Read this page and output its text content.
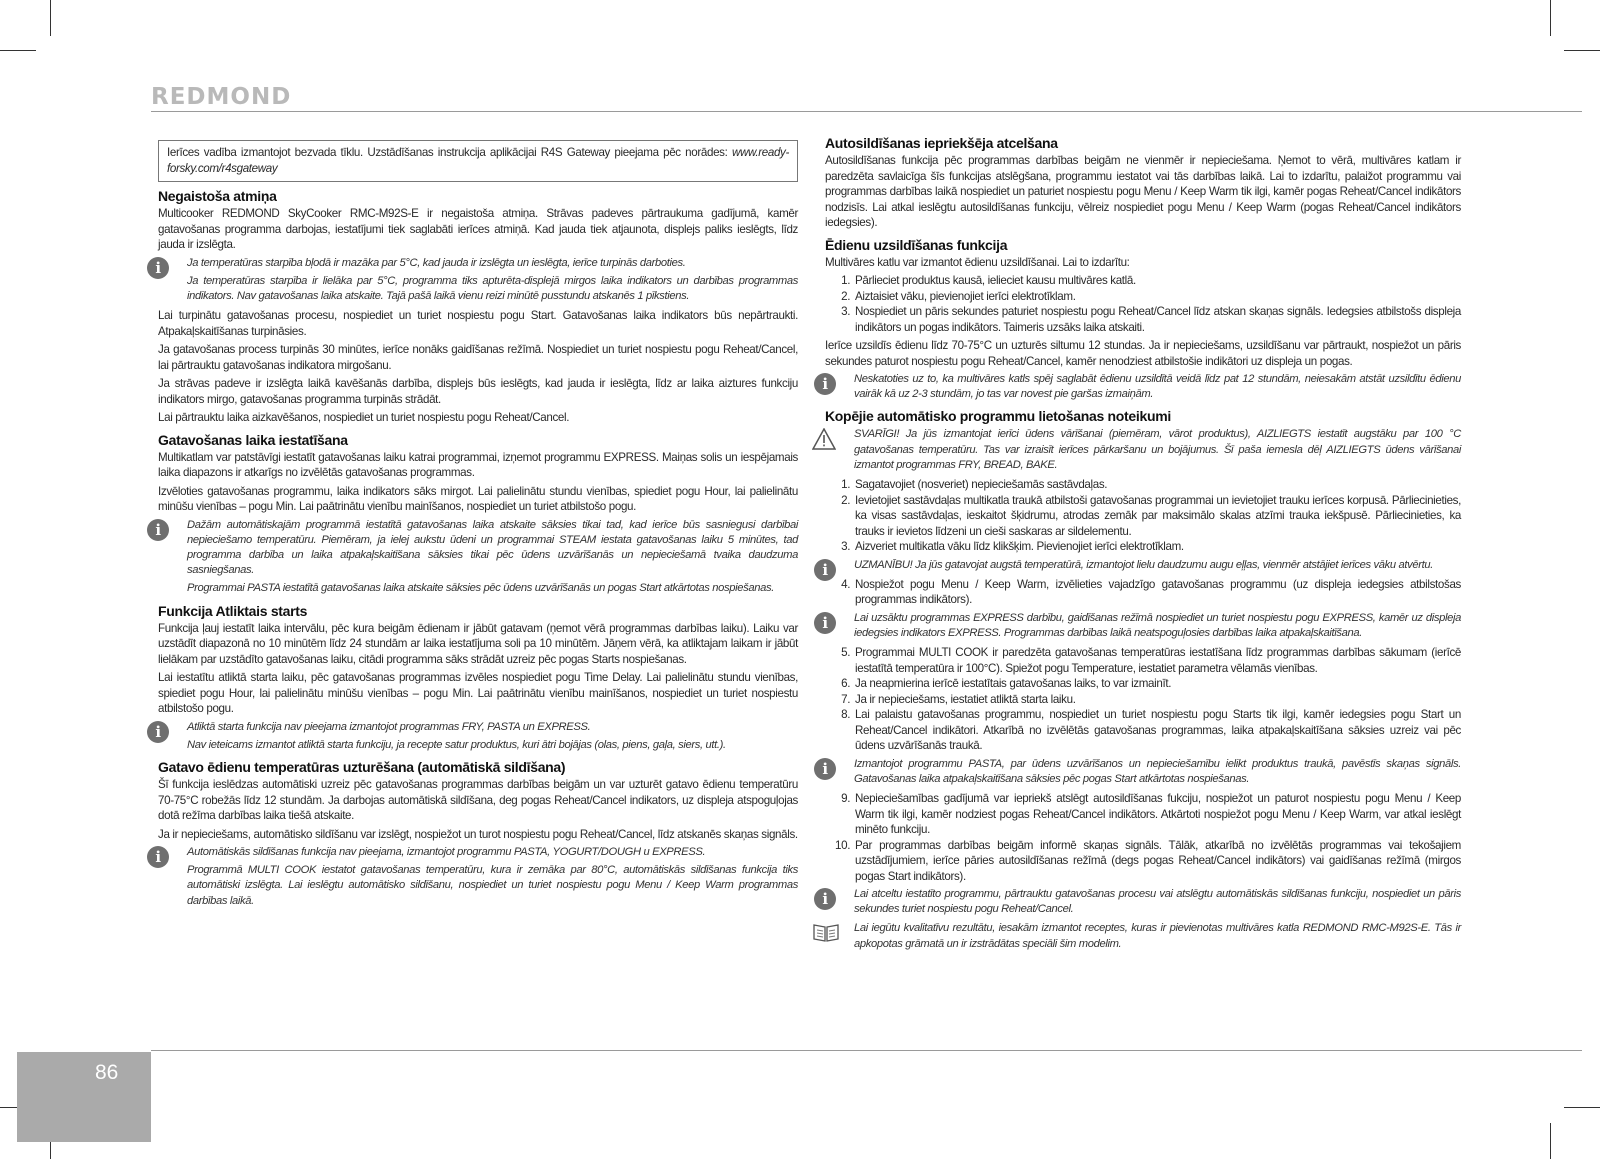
REDMOND
Ierīces vadība izmantojot bezvada tīklu. Uzstādīšanas instrukcija aplikācijai R4S Gateway pieejama pēc norādes: www.ready-forsky.com/r4sgateway
Negaistoša atmiņa

Multicooker REDMOND SkyCooker RMC-M92S-E ir negaistoša atmiņa. Strāvas padeves pārtraukuma gadījumā, kamēr gatavošanas programma darbojas, iestatījumi tiek saglabāti ierīces atmiņā. Kad jauda tiek atjaunota, displejs paliks ieslēgts, līdz jauda ir izslēgta.

i	Ja temperatūras starpība bļodā ir mazāka par 5°C, kad jauda ir izslēgta un ieslēgta, ierīce turpinās darboties.

Ja temperatūras starpība ir lielāka par 5°C, programma tiks apturēta-displejā mirgos laika indikators un darbības programmas indikators. Nav gatavošanas laika atskaite. Tajā pašā laikā vienu reizi minūtē pusstundu atskanēs 1 pīkstiens.

Lai turpinātu gatavošanas procesu, nospiediet un turiet nospiestu pogu Start. Gatavošanas laika indikators būs nepārtraukti. Atpakaļskaitīšanas turpināsies.

Ja gatavošanas process turpinās 30 minūtes, ierīce nonāks gaidīšanas režīmā. Nospiediet un turiet nospiestu pogu Reheat/Cancel, lai pārtrauktu gatavošanas indikatora mirgošanu.

Ja strāvas padeve ir izslēgta laikā kavēšanās darbība, displejs būs ieslēgts, kad jauda ir ieslēgta, līdz ar laika aiztures funkciju indikators mirgo, gatavošanas programma turpinās strādāt.

Lai pārtrauktu laika aizkavēšanos, nospiediet un turiet nospiestu pogu Reheat/Cancel.

Gatavošanas laika iestatīšana

Multikatlam var patstāvīgi iestatīt gatavošanas laiku katrai programmai, izņemot programmu EXPRESS. Maiņas solis un iespējamais laika diapazons ir atkarīgs no izvēlētās gatavošanas programmas.

Izvēloties gatavošanas programmu, laika indikators sāks mirgot. Lai palielinātu stundu vienības, spiediet pogu Hour, lai palielinātu minūšu vienības – pogu Min. Lai paātrinātu vienību mainīšanos, nospiediet un turiet atbilstošo pogu.

i	Dažām automātiskajām programmā iestatītā gatavošanas laika atskaite sāksies tikai tad, kad ierīce būs sasniegusi darbībai nepieciešamo temperatūru. Piemēram, ja ielej aukstu ūdeni un programmai STEAM iestata gatavošanas laiku 5 minūtes, tad programma darbība un laika atpakaļskaitīšana sāksies tikai pēc ūdens uzvārīšanās un nepieciešamā tvaika daudzuma sasniegšanas.

Programmai PASTA iestatītā gatavošanas laika atskaite sāksies pēc ūdens uzvārīšanās un pogas Start atkārtotas nospiešanas.

Funkcija Atliktais starts

Funkcija ļauj iestatīt laika intervālu, pēc kura beigām ēdienam ir jābūt gatavam (ņemot vērā programmas darbības laiku). Laiku var uzstādīt diapazonā no 10 minūtēm līdz 24 stundām ar laika iestatījuma soli pa 10 minūtēm. Jāņem vērā, ka atliktajam laikam ir jābūt lielākam par uzstādīto gatavošanas laiku, citādi programma sāks strādāt uzreiz pēc pogas Starts nospiešanas.

Lai iestatītu atliktā starta laiku, pēc gatavošanas programmas izvēles nospiediet pogu Time Delay. Lai palielinātu stundu vienības, spiediet pogu Hour, lai palielinātu minūšu vienības – pogu Min. Lai paātrinātu vienību mainīšanos, nospiediet un turiet nospiestu atbilstošo pogu.

i	Atliktā starta funkcija nav pieejama izmantojot programmas FRY, PASTA un EXPRESS.

Nav ieteicams izmantot atliktā starta funkciju, ja recepte satur produktus, kuri ātri bojājas (olas, piens, gaļa, siers, utt.).

Gatavo ēdienu temperatūras uzturēšana (automātiskā sildīšana)

Šī funkcija ieslēdzas automātiski uzreiz pēc gatavošanas programmas darbības beigām un var uzturēt gatavo ēdienu temperatūru 70-75°C robežās līdz 12 stundām. Ja darbojas automātiskā sildīšana, deg pogas Reheat/Cancel indikators, uz displeja atspoguļojas dotā režīma darbības laika tiešā atskaite.

Ja ir nepieciešams, automātisko sildīšanu var izslēgt, nospiežot un turot nospiestu pogu Reheat/Cancel, līdz atskanēs skaņas signāls.

i	Automātiskās sildīšanas funkcija nav pieejama, izmantojot programmu PASTA, YOGURT/DOUGH u EXPRESS.

Programmā MULTI COOK iestatot gatavošanas temperatūru, kura ir zemāka par 80°C, automātiskās sildīšanas funkcija tiks automātiski izslēgta. Lai ieslēgtu automātisko sildīšanu, nospiediet un turiet nospiestu pogu Menu / Keep Warm programmas darbības laikā.

Autosildīšanas iepriekšēja atcelšana

Autosildīšanas funkcija pēc programmas darbības beigām ne vienmēr ir nepieciešama. Ņemot to vērā, multivāres katlam ir paredzēta savlaicīga šīs funkcijas atslēgšana, programmu iestatot vai tās darbības laikā. Lai to izdarītu, palaižot programmu vai programmas darbības laikā nospiediet un paturiet nospiestu pogu Menu / Keep Warm tik ilgi, kamēr pogas Reheat/Cancel indikātors nodzisīs. Lai atkal ieslēgtu autosildīšanas funkciju, vēlreiz nospiediet pogu Menu / Keep Warm (pogas Reheat/Cancel indikātors iedegsies).

Ēdienu uzsildīšanas funkcija

Multivāres katlu var izmantot ēdienu uzsildīšanai. Lai to izdarītu:

1. Pārlieciet produktus kausā, ielieciet kausu multivāres katlā.
2. Aiztaisiet vāku, pievienojiet ierīci elektrotīklam.
3. Nospiediet un pāris sekundes paturiet nospiestu pogu Reheat/Cancel līdz atskan skaņas signāls. Iedegsies atbilstošs displeja indikātors un pogas indikātors. Taimeris uzsāks laika atskaiti.

Ierīce uzsildīs ēdienu līdz 70-75°C un uzturēs siltumu 12 stundas. Ja ir nepieciešams, uzsildīšanu var pārtraukt, nospiežot un pāris sekundes paturot nospiestu pogu Reheat/Cancel, kamēr nenodziest atbilstošie indikātori uz displeja un pogas.

i	Neskatoties uz to, ka multivāres katls spēj saglabāt ēdienu uzsildītā veidā līdz pat 12 stundām, neiesakām atstāt uzsildītu ēdienu vairāk kā uz 2-3 stundām, jo tas var novest pie garšas izmaiņām.

Kopējie automātisko programmu lietošanas noteikumi

SVARĪGI! Ja jūs izmantojat ierīci ūdens vārīšanai (piemēram, vārot produktus), AIZLIEGTS iestatīt augstāku par 100 °C gatavošanas temperatūru. Tas var izraisīt ierīces pārkaršanu un bojājumus. Šī paša iemesla dēļ AIZLIEGTS ūdens vārīšanai izmantot programmas FRY, BREAD, BAKE.

1. Sagatavojiet (nosveriet) nepieciešamās sastāvdaļas.
2. Ievietojiet sastāvdaļas multikatla traukā atbilstoši gatavošanas programmai un ievietojiet trauku ierīces korpusā. Pārliecinieties, ka visas sastāvdaļas, ieskaitot šķidrumu, atrodas zemāk par maksimālo skalas atzīmi trauka iekšpusē. Pārliecinieties, ka trauks ir ievietos līdzeni un cieši saskaras ar sildelementu.
3. Aizveriet multikatla vāku līdz klikšķim. Pievienojiet ierīci elektrotīklam.
i	UZMANĪBU! Ja jūs gatavojat augstā temperatūrā, izmantojot lielu daudzumu augu eļļas, vienmēr atstājiet ierīces vāku atvērtu.

4. Nospiežot pogu Menu / Keep Warm, izvēlieties vajadzīgo gatavošanas programmu (uz displeja iedegsies atbilstošas programmas indikātors).
i	Lai uzsāktu programmas EXPRESS darbību, gaidīšanas režīmā nospiediet un turiet nospiestu pogu EXPRESS, kamēr uz displeja iedegsies indikators EXPRESS. Programmas darbības laikā neatspoguļosies darbības laika atpakaļskaitīšana.

5. Programmai MULTI COOK ir paredzēta gatavošanas temperatūras iestatīšana līdz programmas darbības sākumam (ierīcē iestatītā temperatūra ir 100°C). Spiežot pogu Temperature, iestatiet parametra vēlamās vienības.
6. Ja neapmierina ierīcē iestatītais gatavošanas laiks, to var izmainīt.
7. Ja ir nepieciešams, iestatiet atliktā starta laiku.
8. Lai palaistu gatavošanas programmu, nospiediet un turiet nospiestu pogu Starts tik ilgi, kamēr iedegsies pogu Start un Reheat/Cancel indikātori. Atkarībā no izvēlētās gatavošanas programmas, laika atpakaļskaitīšana sāksies uzreiz vai pēc ūdens uzvārīšanās traukā.
i	Izmantojot programmu PASTA, par ūdens uzvārīšanos un nepieciešamību ielikt produktus traukā, pavēstīs skaņas signāls. Gatavošanas laika atpakaļskaitīšana sāksies pēc pogas Start atkārtotas nospiešanas.

9. Nepieciešamības gadījumā var iepriekš atslēgt autosildīšanas fukciju, nospiežot un paturot nospiestu pogu Menu / Keep Warm tik ilgi, kamēr nodziest pogas Reheat/Cancel indikātors. Atkārtoti nospiežot pogu Menu / Keep Warm, var atkal ieslēgt minēto funkciju.
10. Par programmas darbības beigām informē skaņas signāls. Tālāk, atkarībā no izvēlētās programmas vai tekošajiem uzstādījumiem, ierīce pāries autosildīšanas režīmā (degs pogas Reheat/Cancel indikātors) vai gaidīšanas režīmā (mirgos pogas Start indikātors).
i	Lai atceltu iestatīto programmu, pārtrauktu gatavošanas procesu vai atslēgtu automātiskās sildīšanas funkciju, nospiediet un pāris sekundes turiet nospiestu pogu Reheat/Cancel.

Lai iegūtu kvalitatīvu rezultātu, iesakām izmantot receptes, kuras ir pievienotas multivāres katla REDMOND RMC-M92S-E. Tās ir apkopotas grāmatā un ir izstrādātas speciāli šim modelim.

86
